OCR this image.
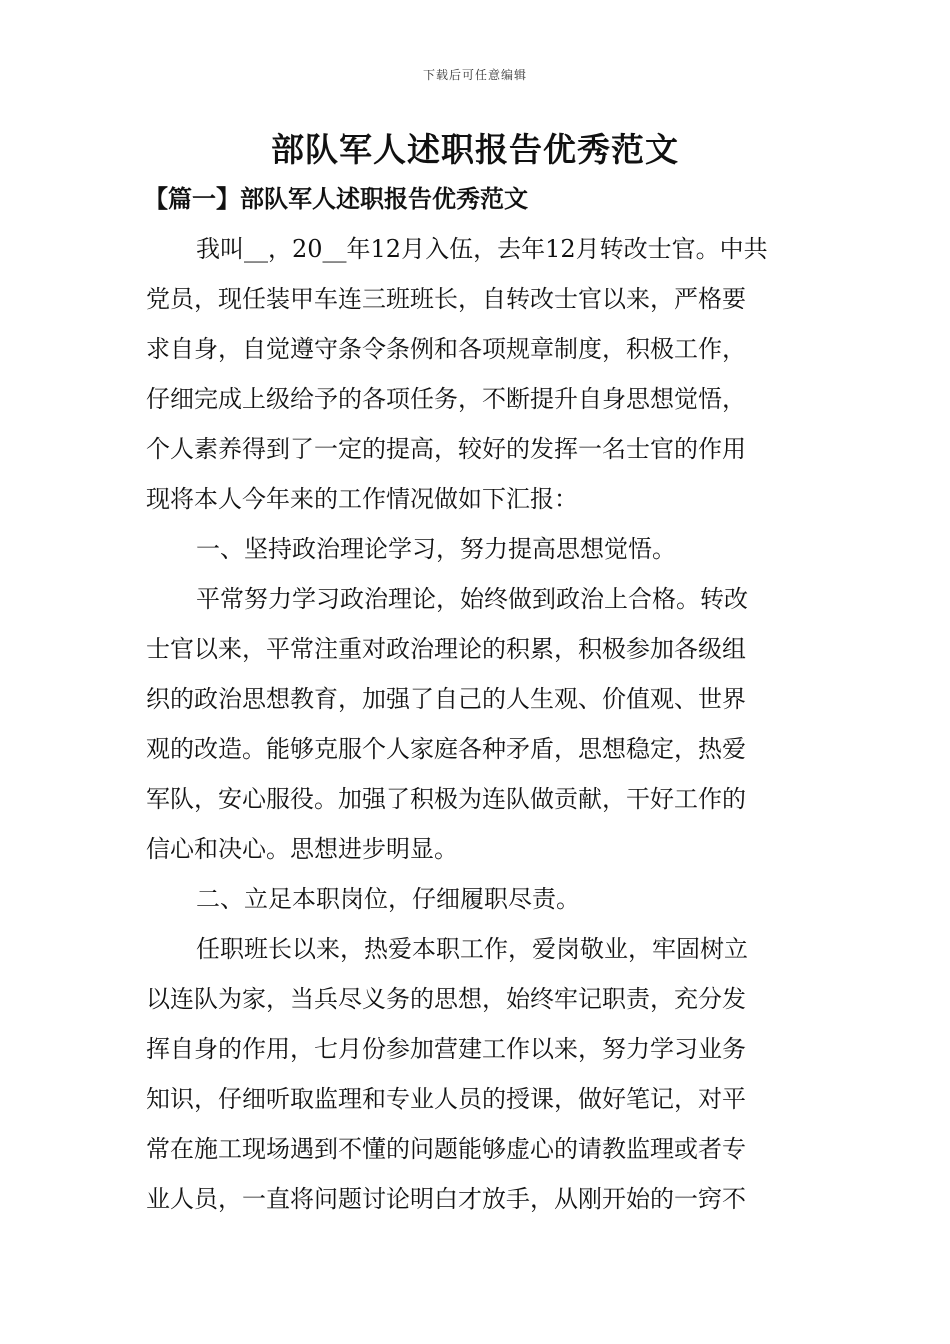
下载后可任意编辑
部队军人述职报告优秀范文
【篇一】部队军人述职报告优秀范文
我叫__，20__年12月入伍，去年12月转改士官。中共
党员，现任装甲车连三班班长，自转改士官以来，严格要
求自身，自觉遵守条令条例和各项规章制度，积极工作，
仔细完成上级给予的各项任务，不断提升自身思想觉悟，
个人素养得到了一定的提高，较好的发挥一名士官的作用
现将本人今年来的工作情况做如下汇报：
一、坚持政治理论学习，努力提高思想觉悟。
平常努力学习政治理论，始终做到政治上合格。转改
士官以来，平常注重对政治理论的积累，积极参加各级组
织的政治思想教育，加强了自己的人生观、价值观、世界
观的改造。能够克服个人家庭各种矛盾，思想稳定，热爱
军队，安心服役。加强了积极为连队做贡献，干好工作的
信心和决心。思想进步明显。
二、立足本职岗位，仔细履职尽责。
任职班长以来，热爱本职工作，爱岗敬业，牢固树立
以连队为家，当兵尽义务的思想，始终牢记职责，充分发
挥自身的作用，七月份参加营建工作以来，努力学习业务
知识，仔细听取监理和专业人员的授课，做好笔记，对平
常在施工现场遇到不懂的问题能够虚心的请教监理或者专
业人员，一直将问题讨论明白才放手，从刚开始的一窍不
